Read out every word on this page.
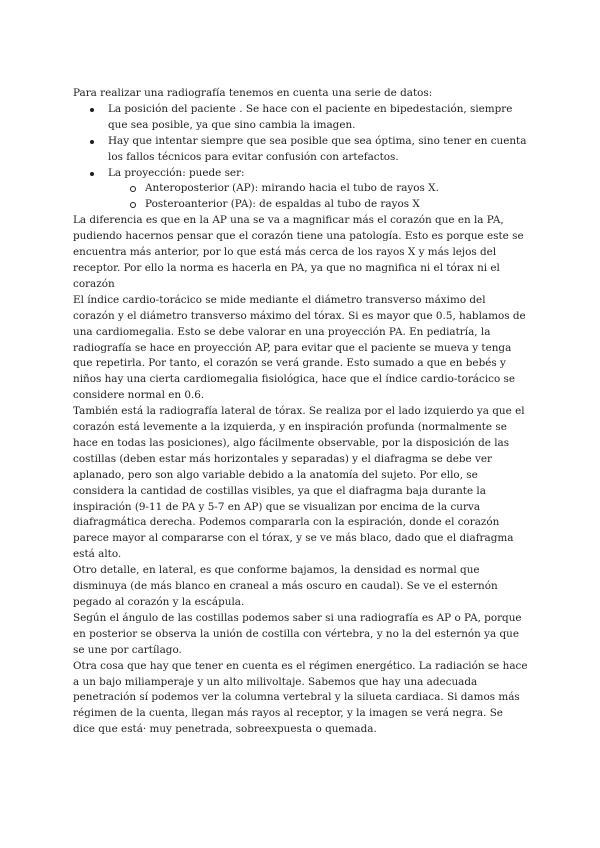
Para realizar una radiografía tenemos en cuenta una serie de datos:

La posición del paciente . Se hace con el paciente en bipedestación, siempre que sea posible, ya que sino cambia la imagen.
Hay que intentar siempre que sea posible que sea óptima, sino tener en cuenta los fallos técnicos para evitar confusión con artefactos.
La proyección: puede ser:
Anteroposterior (AP): mirando hacia el tubo de rayos X.
Posteroanterior (PA): de espaldas al tubo de rayos X

La diferencia es que en la AP una se va a magnificar más el corazón que en la PA, pudiendo hacernos pensar que el corazón tiene una patología. Esto es porque este se encuentra más anterior, por lo que está más cerca de los rayos X y más lejos del receptor. Por ello la norma es hacerla en PA, ya que no magnifica ni el tórax ni el corazón

El índice cardio-torácico se mide mediante el diámetro transverso máximo del corazón y el diámetro transverso máximo del tórax. Si es mayor que 0.5, hablamos de una cardiomegalia. Esto se debe valorar en una proyección PA. En pediatría, la radiografía se hace en proyección AP, para evitar que el paciente se mueva y tenga que repetirla. Por tanto, el corazón se verá grande. Esto sumado a que en bebés y niños hay una cierta cardiomegalia fisiológica, hace que el índice cardio-torácico se considere normal en 0.6.

También está la radiografía lateral de tórax. Se realiza por el lado izquierdo ya que el corazón está levemente a la izquierda, y en inspiración profunda (normalmente se hace en todas las posiciones), algo fácilmente observable, por la disposición de las costillas (deben estar más horizontales y separadas) y el diafragma se debe ver aplanado, pero son algo variable debido a la anatomía del sujeto. Por ello, se considera la cantidad de costillas visibles, ya que el diafragma baja durante la inspiración (9-11 de PA y 5-7 en AP) que se visualizan por encima de la curva diafragmática derecha. Podemos compararla con la espiración, donde el corazón parece mayor al compararse con el tórax, y se ve más blaco, dado que el diafragma está alto.

Otro detalle, en lateral, es que conforme bajamos, la densidad es normal que disminuya (de más blanco en craneal a más oscuro en caudal). Se ve el esternón pegado al corazón y la escápula.

Según el ángulo de las costillas podemos saber si una radiografía es AP o PA, porque en posterior se observa la unión de costilla con vértebra, y no la del esternón ya que se une por cartílago.

Otra cosa que hay que tener en cuenta es el régimen energético. La radiación se hace a un bajo miliamperaje y un alto milivoltaje. Sabemos que hay una adecuada penetración sí podemos ver la columna vertebral y la silueta cardiaca. Si damos más régimen de la cuenta, llegan más rayos al receptor, y la imagen se verá negra. Se dice que está· muy penetrada, sobreexpuesta o quemada.
